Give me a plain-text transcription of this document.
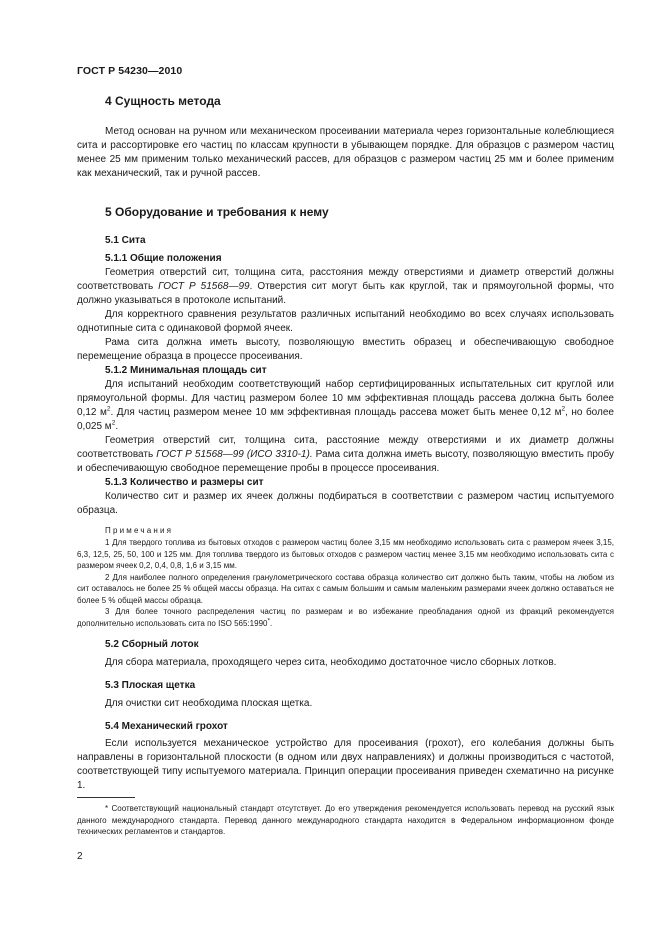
ГОСТ Р 54230—2010
4 Сущность метода

Метод основан на ручном или механическом просеивании материала через горизонтальные колеблющиеся сита и рассортировке его частиц по классам крупности в убывающем порядке. Для образцов с размером частиц менее 25 мм применим только механический рассев, для образцов с размером частиц 25 мм и более применим как механический, так и ручной рассев.

5 Оборудование и требования к нему
5.1 Сита
5.1.1 Общие положения

Геометрия отверстий сит, толщина сита, расстояния между отверстиями и диаметр отверстий должны соответствовать ГОСТ Р 51568—99. Отверстия сит могут быть как круглой, так и прямоугольной формы, что должно указываться в протоколе испытаний.

Для корректного сравнения результатов различных испытаний необходимо во всех случаях использовать однотипные сита с одинаковой формой ячеек.

Рама сита должна иметь высоту, позволяющую вместить образец и обеспечивающую свободное перемещение образца в процессе просеивания.

5.1.2 Минимальная площадь сит

Для испытаний необходим соответствующий набор сертифицированных испытательных сит круглой или прямоугольной формы. Для частиц размером более 10 мм эффективная площадь рассева должна быть более 0,12 $м^2$. Для частиц размером менее 10 мм эффективная площадь рассева может быть менее 0,12 $м^2$, но более 0,025 $м^2$.

Геометрия отверстий сит, толщина сита, расстояние между отверстиями и их диаметр должны соответствовать ГОСТ Р 51568—99 (ИСО 3310-1). Рама сита должна иметь высоту, позволяющую вместить пробу и обеспечивающую свободное перемещение пробы в процессе просеивания.

5.1.3 Количество и размеры сит

Количество сит и размер их ячеек должны подбираться в соответствии с размером частиц испытуемого образца.

Примечания

1 Для твердого топлива из бытовых отходов с размером частиц более 3,15 мм необходимо использовать сита с размером ячеек 3,15, 6,3, 12,5, 25, 50, 100 и 125 мм. Для топлива твердого из бытовых отходов с размером частиц менее 3,15 мм необходимо использовать сита с размером ячеек 0,2, 0,4, 0,8, 1,6 и 3,15 мм.

2 Для наиболее полного определения гранулометрического состава образца количество сит должно быть таким, чтобы на любом из сит оставалось не более 25 % общей массы образца. На ситах с самым большим и самым маленьким размерами ячеек должно оставаться не более 5 % общей массы образца.

3 Для более точного распределения частиц по размерам и во избежание преобладания одной из фракций рекомендуется дополнительно использовать сита по ISO 565:1990*.

5.2 Сборный лоток

Для сбора материала, проходящего через сита, необходимо достаточное число сборных лотков.

5.3 Плоская щетка

Для очистки сит необходима плоская щетка.

5.4 Механический грохот

Если используется механическое устройство для просеивания (грохот), его колебания должны быть направлены в горизонтальной плоскости (в одном или двух направлениях) и должны производиться с частотой, соответствующей типу испытуемого материала. Принцип операции просеивания приведен схематично на рисунке 1.

* Соответствующий национальный стандарт отсутствует. До его утверждения рекомендуется использовать перевод на русский язык данного международного стандарта. Перевод данного международного стандарта находится в Федеральном информационном фонде технических регламентов и стандартов.

2
